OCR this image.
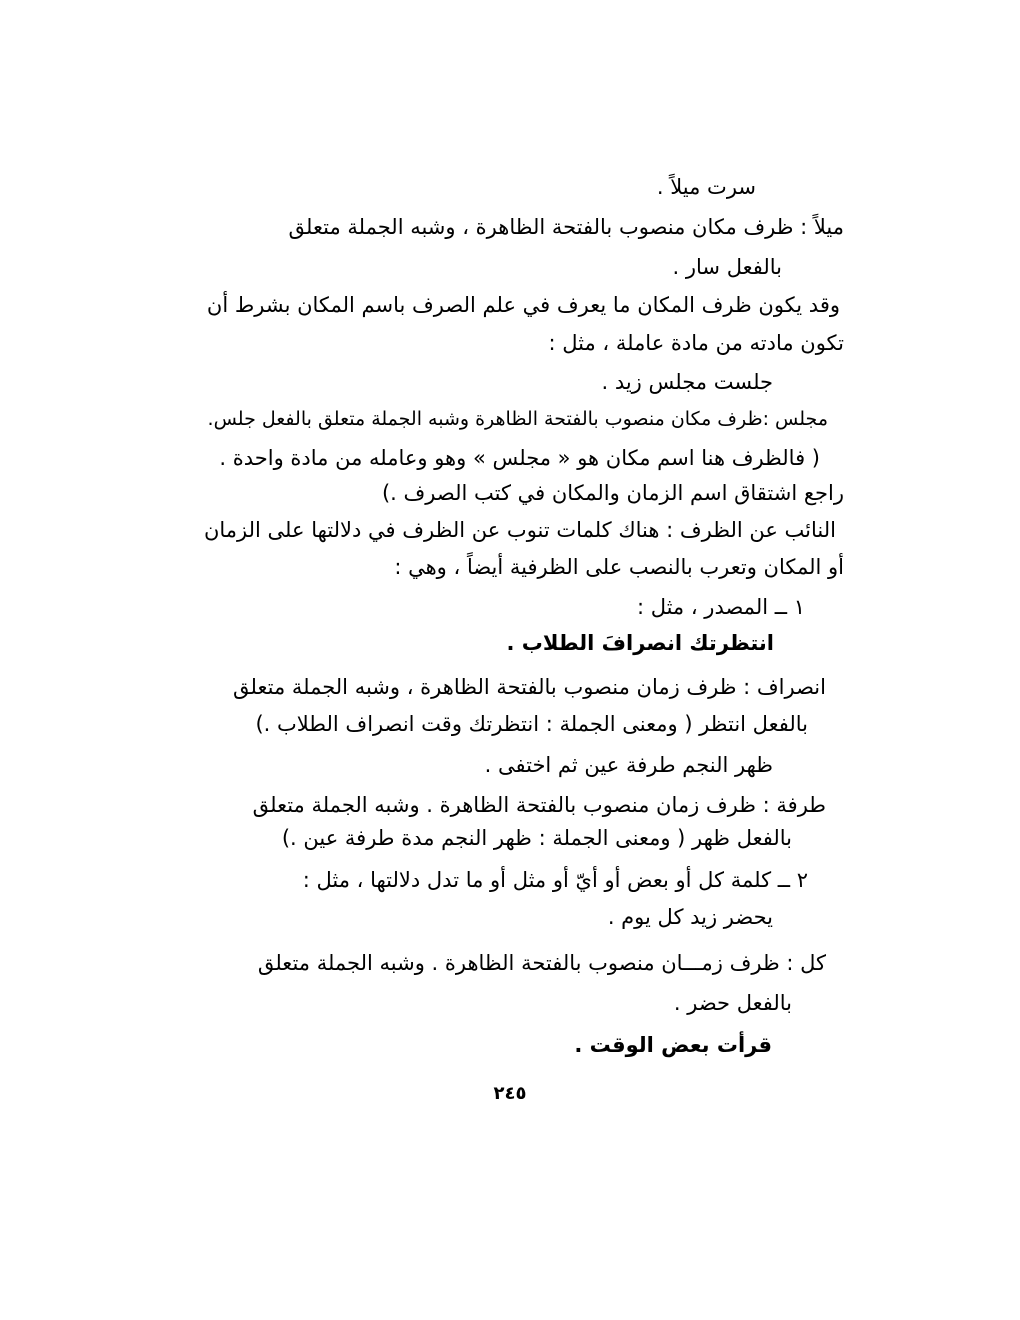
سرت ميلاً .
ميلاً : ظرف مكان منصوب بالفتحة الظاهرة ، وشبه الجملة متعلق
بالفعل سار .
وقد يكون ظرف المكان ما يعرف في علم الصرف باسم المكان بشرط أن
تكون مادته من مادة عاملة ، مثل :
جلست مجلس زيد .
مجلس :ظرف مكان منصوب بالفتحة الظاهرة وشبه الجملة متعلق بالفعل جلس.
( فالظرف هنا اسم مكان هو « مجلس » وهو وعامله من مادة واحدة .
راجع اشتقاق اسم الزمان والمكان في كتب الصرف .)
النائب عن الظرف : هناك كلمات تنوب عن الظرف في دلالتها على الزمان
أو المكان وتعرب بالنصب على الظرفية أيضاً ، وهي :
١ ــ المصدر ، مثل :
انتظرتك انصرافَ الطلاب .
انصراف : ظرف زمان منصوب بالفتحة الظاهرة ، وشبه الجملة متعلق
بالفعل انتظر ( ومعنى الجملة : انتظرتك وقت انصراف الطلاب .)
ظهر النجم طرفة عين ثم اختفى .
طرفة : ظرف زمان منصوب بالفتحة الظاهرة . وشبه الجملة متعلق
بالفعل ظهر ( ومعنى الجملة : ظهر النجم مدة طرفة عين .)
٢ ــ كلمة كل أو بعض أو أيّ أو مثل أو ما تدل دلالتها ، مثل :
يحضر زيد كل يوم .
كل : ظرف زمـــان منصوب بالفتحة الظاهرة . وشبه الجملة متعلق
بالفعل حضر .
قرأت بعض الوقت .
٢٤٥
